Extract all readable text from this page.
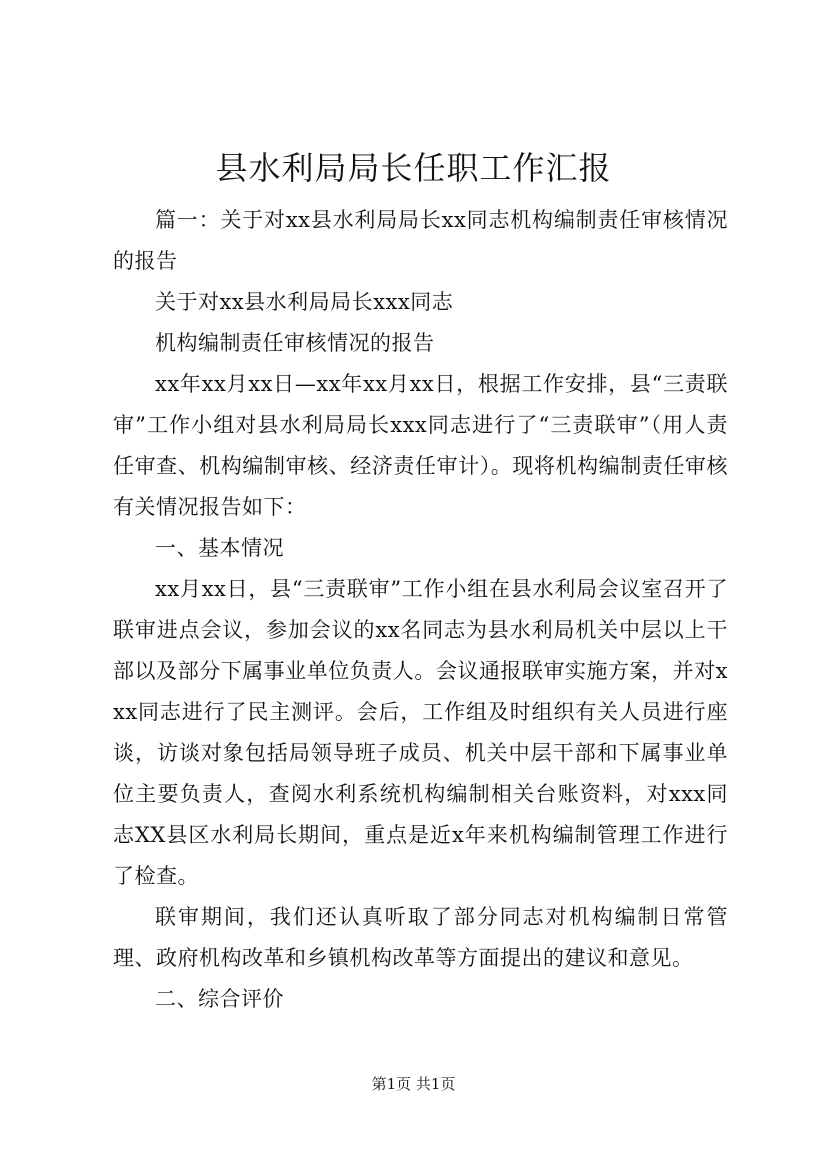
县水利局局长任职工作汇报

篇一：关于对xx县水利局局长xx同志机构编制责任审核情况的报告

关于对xx县水利局局长xxx同志

机构编制责任审核情况的报告

xx年xx月xx日—xx年xx月xx日，根据工作安排，县“三责联审”工作小组对县水利局局长xxx同志进行了“三责联审”（用人责任审查、机构编制审核、经济责任审计）。现将机构编制责任审核有关情况报告如下：

一、基本情况

xx月xx日，县“三责联审”工作小组在县水利局会议室召开了联审进点会议，参加会议的xx名同志为县水利局机关中层以上干部以及部分下属事业单位负责人。会议通报联审实施方案，并对xxx同志进行了民主测评。会后，工作组及时组织有关人员进行座谈，访谈对象包括局领导班子成员、机关中层干部和下属事业单位主要负责人，查阅水利系统机构编制相关台账资料，对xxx同志XX县区水利局长期间，重点是近x年来机构编制管理工作进行了检查。

联审期间，我们还认真听取了部分同志对机构编制日常管理、政府机构改革和乡镇机构改革等方面提出的建议和意见。

二、综合评价

第1页 共1页
